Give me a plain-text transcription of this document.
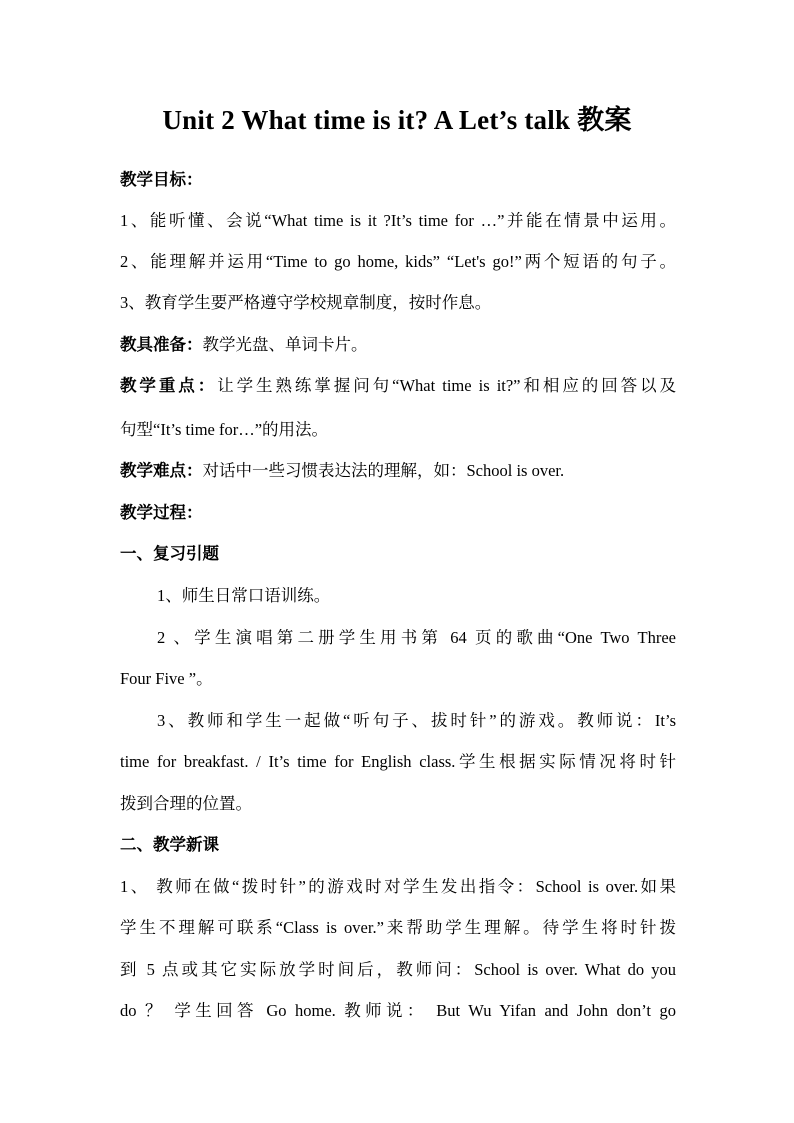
Unit 2 What time is it? A Let’s talk 教案
教学目标：
1、能听懂、会说“What time is it ?It’s time for …”并能在情景中运用。
2、能理解并运用“Time to go home, kids” “Let's go!”两个短语的句子。
3、教育学生要严格遵守学校规章制度，按时作息。
教具准备：教学光盘、单词卡片。
教学重点：让学生熟练掌握问句“What time is it?”和相应的回答以及
句型“It’s time for…”的用法。
教学难点：对话中一些习惯表达法的理解，如：School is over.
教学过程：
一、复习引题
1、师生日常口语训练。
2 、学生演唱第二册学生用书第 64 页的歌曲“One Two Three
Four Five ”。
3、教师和学生一起做“听句子、拔时针”的游戏。教师说：It’s
time for breakfast. / It’s time for English class.学生根据实际情况将时针
拨到合理的位置。
二、教学新课
1、 教师在做“拨时针”的游戏时对学生发出指令：School is over.如果
学生不理解可联系“Class is over.”来帮助学生理解。待学生将时针拨
到 5 点或其它实际放学时间后，教师问：School is over. What do you
do ？ 学生回答 Go home. 教师说： But Wu Yifan and John don’t go
